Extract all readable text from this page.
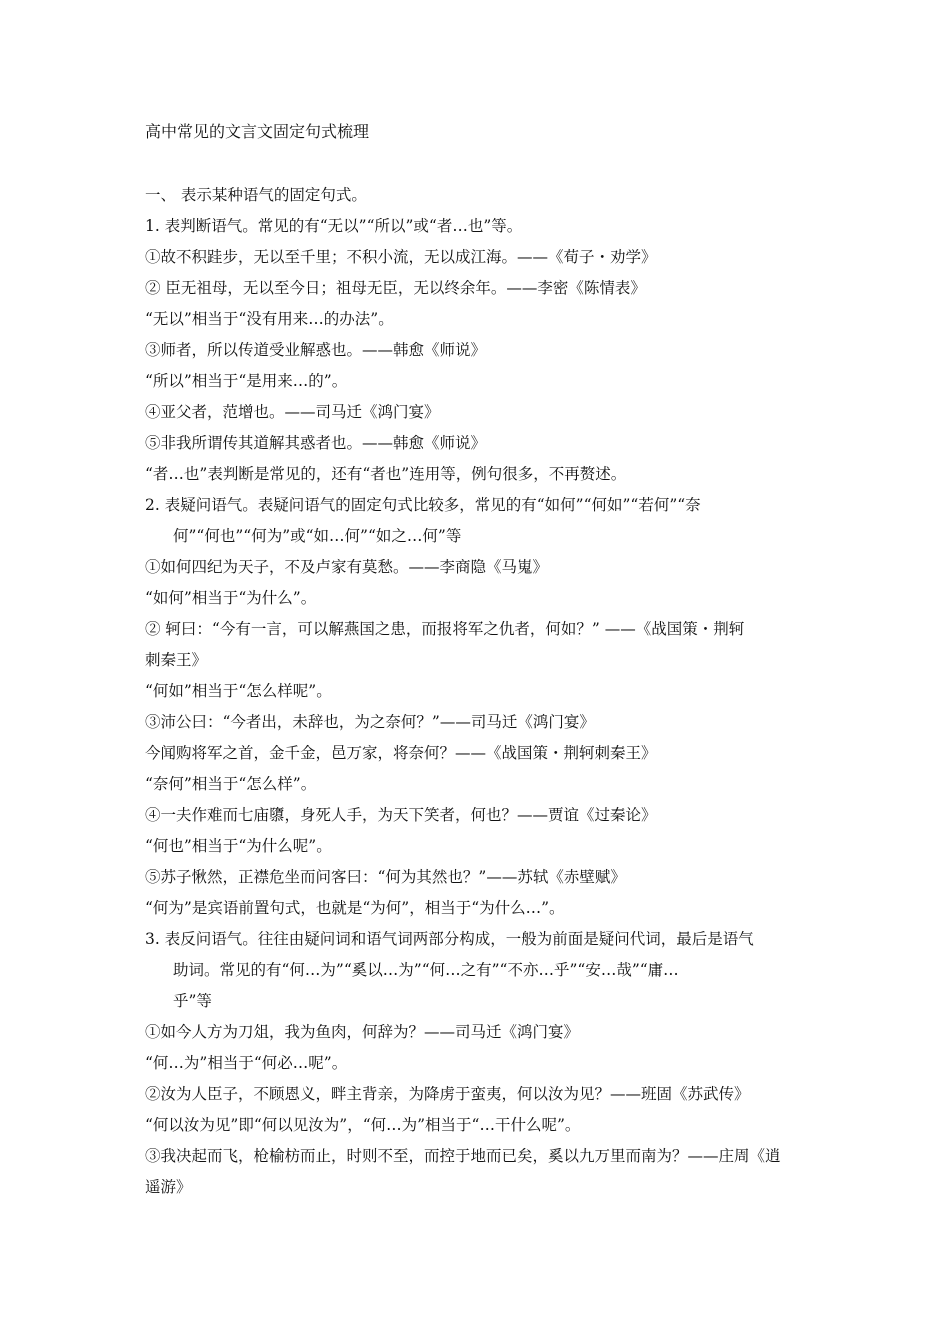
高中常见的文言文固定句式梳理
一、 表示某种语气的固定句式。
1. 表判断语气。常见的有“无以”“所以”或“者…也”等。
①故不积跬步，无以至千里；不积小流，无以成江海。——《荀子・劝学》
② 臣无祖母，无以至今日；祖母无臣，无以终余年。——李密《陈情表》
“无以”相当于“没有用来…的办法”。
③师者，所以传道受业解惑也。——韩愈《师说》
“所以”相当于“是用来…的”。
④亚父者，范增也。——司马迁《鸿门宴》
⑤非我所谓传其道解其惑者也。——韩愈《师说》
“者…也”表判断是常见的，还有“者也”连用等，例句很多，不再赘述。
2. 表疑问语气。表疑问语气的固定句式比较多，常见的有“如何”“何如”“若何”“奈
何”“何也”“何为”或“如…何”“如之…何”等
①如何四纪为天子，不及卢家有莫愁。——李商隐《马嵬》
“如何”相当于“为什么”。
② 轲曰：“今有一言，可以解燕国之患，而报将军之仇者，何如？” ——《战国策・荆轲
刺秦王》
“何如”相当于“怎么样呢”。
③沛公曰：“今者出，未辞也，为之奈何？”——司马迁《鸿门宴》
今闻购将军之首，金千金，邑万家，将奈何？——《战国策・荆轲刺秦王》
“奈何”相当于“怎么样”。
④一夫作难而七庙隳，身死人手，为天下笑者，何也？——贾谊《过秦论》
“何也”相当于“为什么呢”。
⑤苏子愀然，正襟危坐而问客曰：“何为其然也？”——苏轼《赤壁赋》
“何为”是宾语前置句式，也就是“为何”，相当于“为什么…”。
3. 表反问语气。往往由疑问词和语气词两部分构成，一般为前面是疑问代词，最后是语气
助词。常见的有“何…为”“奚以…为”“何…之有”“不亦…乎”“安…哉”“庸…
乎”等
①如今人方为刀俎，我为鱼肉，何辞为？——司马迁《鸿门宴》
“何…为”相当于“何必…呢”。
②汝为人臣子，不顾恩义，畔主背亲，为降虏于蛮夷，何以汝为见？——班固《苏武传》
“何以汝为见”即“何以见汝为”，“何…为”相当于“…干什么呢”。
③我决起而飞，枪榆枋而止，时则不至，而控于地而已矣，奚以九万里而南为？——庄周《逍
遥游》
